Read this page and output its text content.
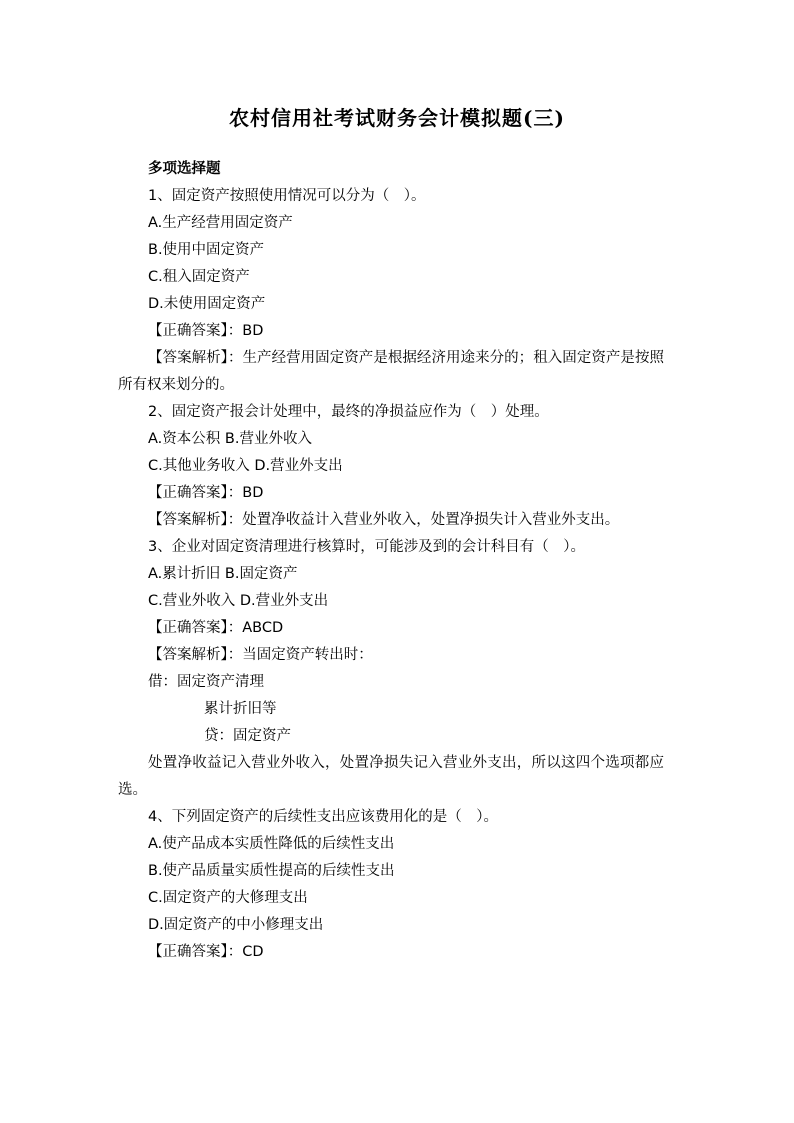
农村信用社考试财务会计模拟题(三)

多项选择题

1、固定资产按照使用情况可以分为（　）。

A.生产经营用固定资产

B.使用中固定资产

C.租入固定资产

D.未使用固定资产

【正确答案】：BD

【答案解析】：生产经营用固定资产是根据经济用途来分的；租入固定资产是按照所有权来划分的。

2、固定资产报会计处理中，最终的净损益应作为（　）处理。

A.资本公积 B.营业外收入

C.其他业务收入 D.营业外支出

【正确答案】：BD

【答案解析】：处置净收益计入营业外收入，处置净损失计入营业外支出。

3、企业对固定资清理进行核算时，可能涉及到的会计科目有（　）。

A.累计折旧 B.固定资产

C.营业外收入 D.营业外支出

【正确答案】：ABCD

【答案解析】：当固定资产转出时：

借：固定资产清理

累计折旧等

贷：固定资产

处置净收益记入营业外收入，处置净损失记入营业外支出，所以这四个选项都应选。

4、下列固定资产的后续性支出应该费用化的是（　）。

A.使产品成本实质性降低的后续性支出

B.使产品质量实质性提高的后续性支出

C.固定资产的大修理支出

D.固定资产的中小修理支出

【正确答案】：CD
